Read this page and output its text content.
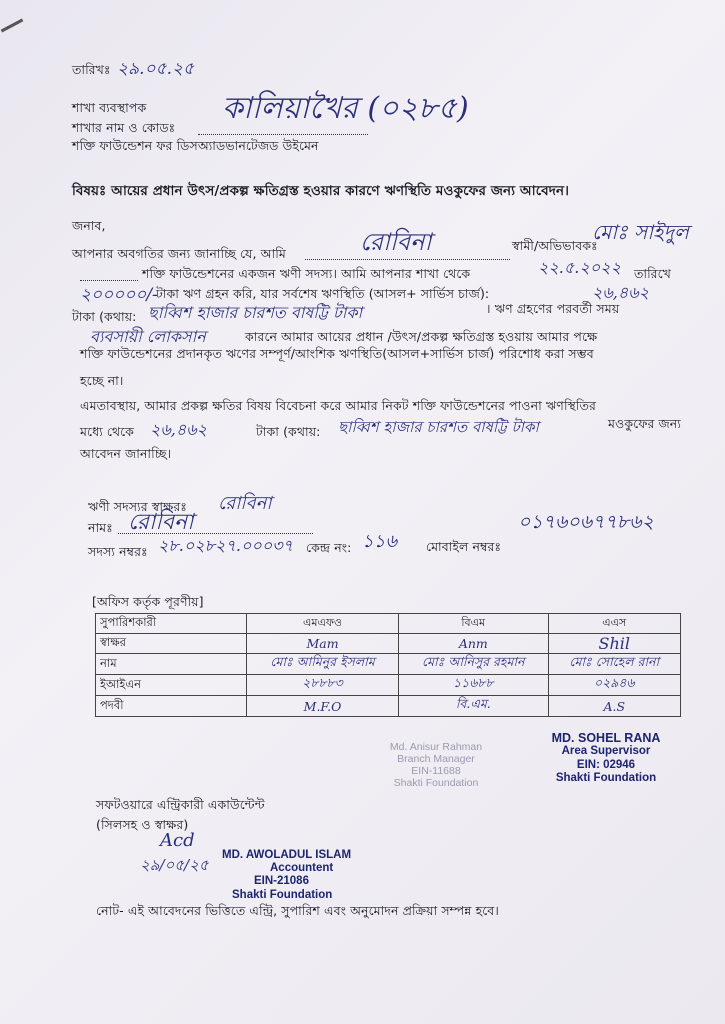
তারিখঃ ২৯.০৫.২৫
শাখা ব্যবস্থাপক
শাখার নাম ও কোডঃ
কালিয়াখৈর (০২৮৫)
শক্তি ফাউন্ডেশন ফর ডিসঅ্যাডভানটেজড উইমেন
বিষয়ঃ আয়ের প্রধান উৎস/প্রকল্প ক্ষতিগ্রস্ত হওয়ার কারণে ঋণস্থিতি মওকুফের জন্য আবেদন।
জনাব,
আপনার অবগতির জন্য জানাচ্ছি যে, আমি	রোবিনা	স্বামী/অভিভাবকঃ
মোঃ সাইদুল
শক্তি ফাউন্ডেশনের একজন ঋণী সদস্য। আমি আপনার শাখা থেকে	২২.৫.২০২২ তারিখে
২০০০০০/-
টাকা ঋণ গ্রহন করি, যার সর্বশেষ ঋণস্থিতি (আসল+ সার্ভিস চার্জ):	২৬,৪৬২
টাকা (কথায়: ছাব্বিশ হাজার চারশত বাষট্টি টাকা	। ঋণ গ্রহণের পরবর্তী সময়
ব্যবসায়ী লোকসান	কারনে আমার আয়ের প্রধান /উৎস/প্রকল্প ক্ষতিগ্রস্ত হওয়ায় আমার পক্ষে
শক্তি ফাউন্ডেশনের প্রদানকৃত ঋণের সম্পূর্ণ/আংশিক ঋণস্থিতি(আসল+সার্ভিস চার্জ) পরিশোধ করা সম্ভব
হচ্ছে না।
এমতাবস্থায়, আমার প্রকল্প ক্ষতির বিষয় বিবেচনা করে আমার নিকট শক্তি ফাউন্ডেশনের পাওনা ঋণস্থিতির
মধ্যে থেকে ২৬,৪৬২	টাকা (কথায়: ছাব্বিশ হাজার চারশত বাষট্টি টাকা	মওকুফের জন্য
আবেদন জানাচ্ছি।
ঋণী সদস্যর স্বাক্ষরঃ রোবিনা
নামঃ রোবিনা
সদস্য নম্বরঃ ২৮.০২৮২৭.০০০৩৭ কেন্দ্র নং: ১১৬ মোবাইল নম্বরঃ
০১৭৬০৬৭৭৮৬২
[অফিস কর্তৃক পূরণীয়]
সুপারিশকারী	এমএফও	বিএম	এএস
স্বাক্ষর	Mam	Anm	Shil
নাম	মোঃ আমিনুর ইসলাম	মোঃ আনিসুর রহমান	মোঃ সোহেল রানা
ইআইএন	২৮৮৮৩	১১৬৮৮	০২৯৪৬
পদবী	M.F.O	বি.এম.	A.S
Md. Anisur Rahman
Branch Manager
EIN-11688
Shakti Foundation
MD. SOHEL RANA
Area Supervisor
EIN: 02946
Shakti Foundation
সফটওয়ারে এন্ট্রিকারী একাউন্টেন্ট
(সিলসহ ও স্বাক্ষর)
Acd
২৯/০৫/২৫
MD. AWOLADUL ISLAM
Accountent
EIN-21086
Shakti Foundation
নোট- এই আবেদনের ভিত্তিতে এন্ট্রি, সুপারিশ এবং অনুমোদন প্রক্রিয়া সম্পন্ন হবে।
